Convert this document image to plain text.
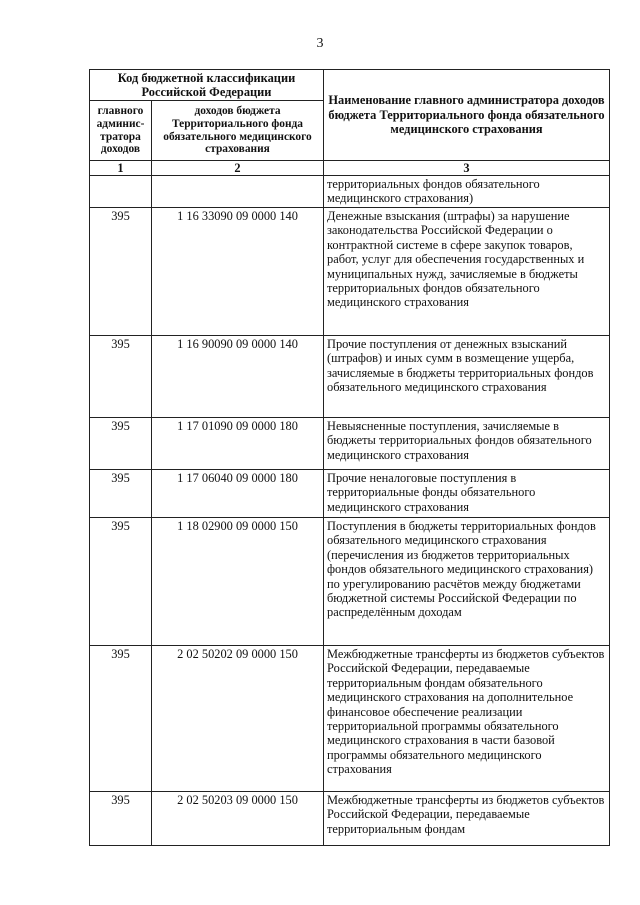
3
Код бюджетной классификации Российской Федерации		Наименование главного администратора доходов бюджета Территориального фонда обязательного медицинского страхования
главного админис-тратора доходов	доходов бюджета Территориального фонда обязательного медицинского страхования	
1	2	3
		территориальных фондов обязательного медицинского страхования)
395	1 16 33090 09 0000 140	Денежные взыскания (штрафы) за нарушение законодательства Российской Федерации о контрактной системе в сфере закупок товаров, работ, услуг для обеспечения государственных и муниципальных нужд, зачисляемые в бюджеты территориальных фондов обязательного медицинского страхования
395	1 16 90090 09 0000 140	Прочие поступления от денежных взысканий (штрафов) и иных сумм в возмещение ущерба, зачисляемые в бюджеты территориальных фондов обязательного медицинского страхования
395	1 17 01090 09 0000 180	Невыясненные поступления, зачисляемые в бюджеты территориальных фондов обязательного медицинского страхования
395	1 17 06040 09 0000 180	Прочие неналоговые поступления в территориальные фонды обязательного медицинского страхования
395	1 18 02900 09 0000 150	Поступления в бюджеты территориальных фондов обязательного медицинского страхования (перечисления из бюджетов территориальных фондов обязательного медицинского страхования) по урегулированию расчётов между бюджетами бюджетной системы Российской Федерации по распределённым доходам
395	2 02 50202 09 0000 150	Межбюджетные трансферты из бюджетов субъектов Российской Федерации, передаваемые территориальным фондам обязательного медицинского страхования на дополнительное финансовое обеспечение реализации территориальной программы обязательного медицинского страхования в части базовой программы обязательного медицинского страхования
395	2 02 50203 09 0000 150	Межбюджетные трансферты из бюджетов субъектов Российской Федерации, передаваемые территориальным фондам
